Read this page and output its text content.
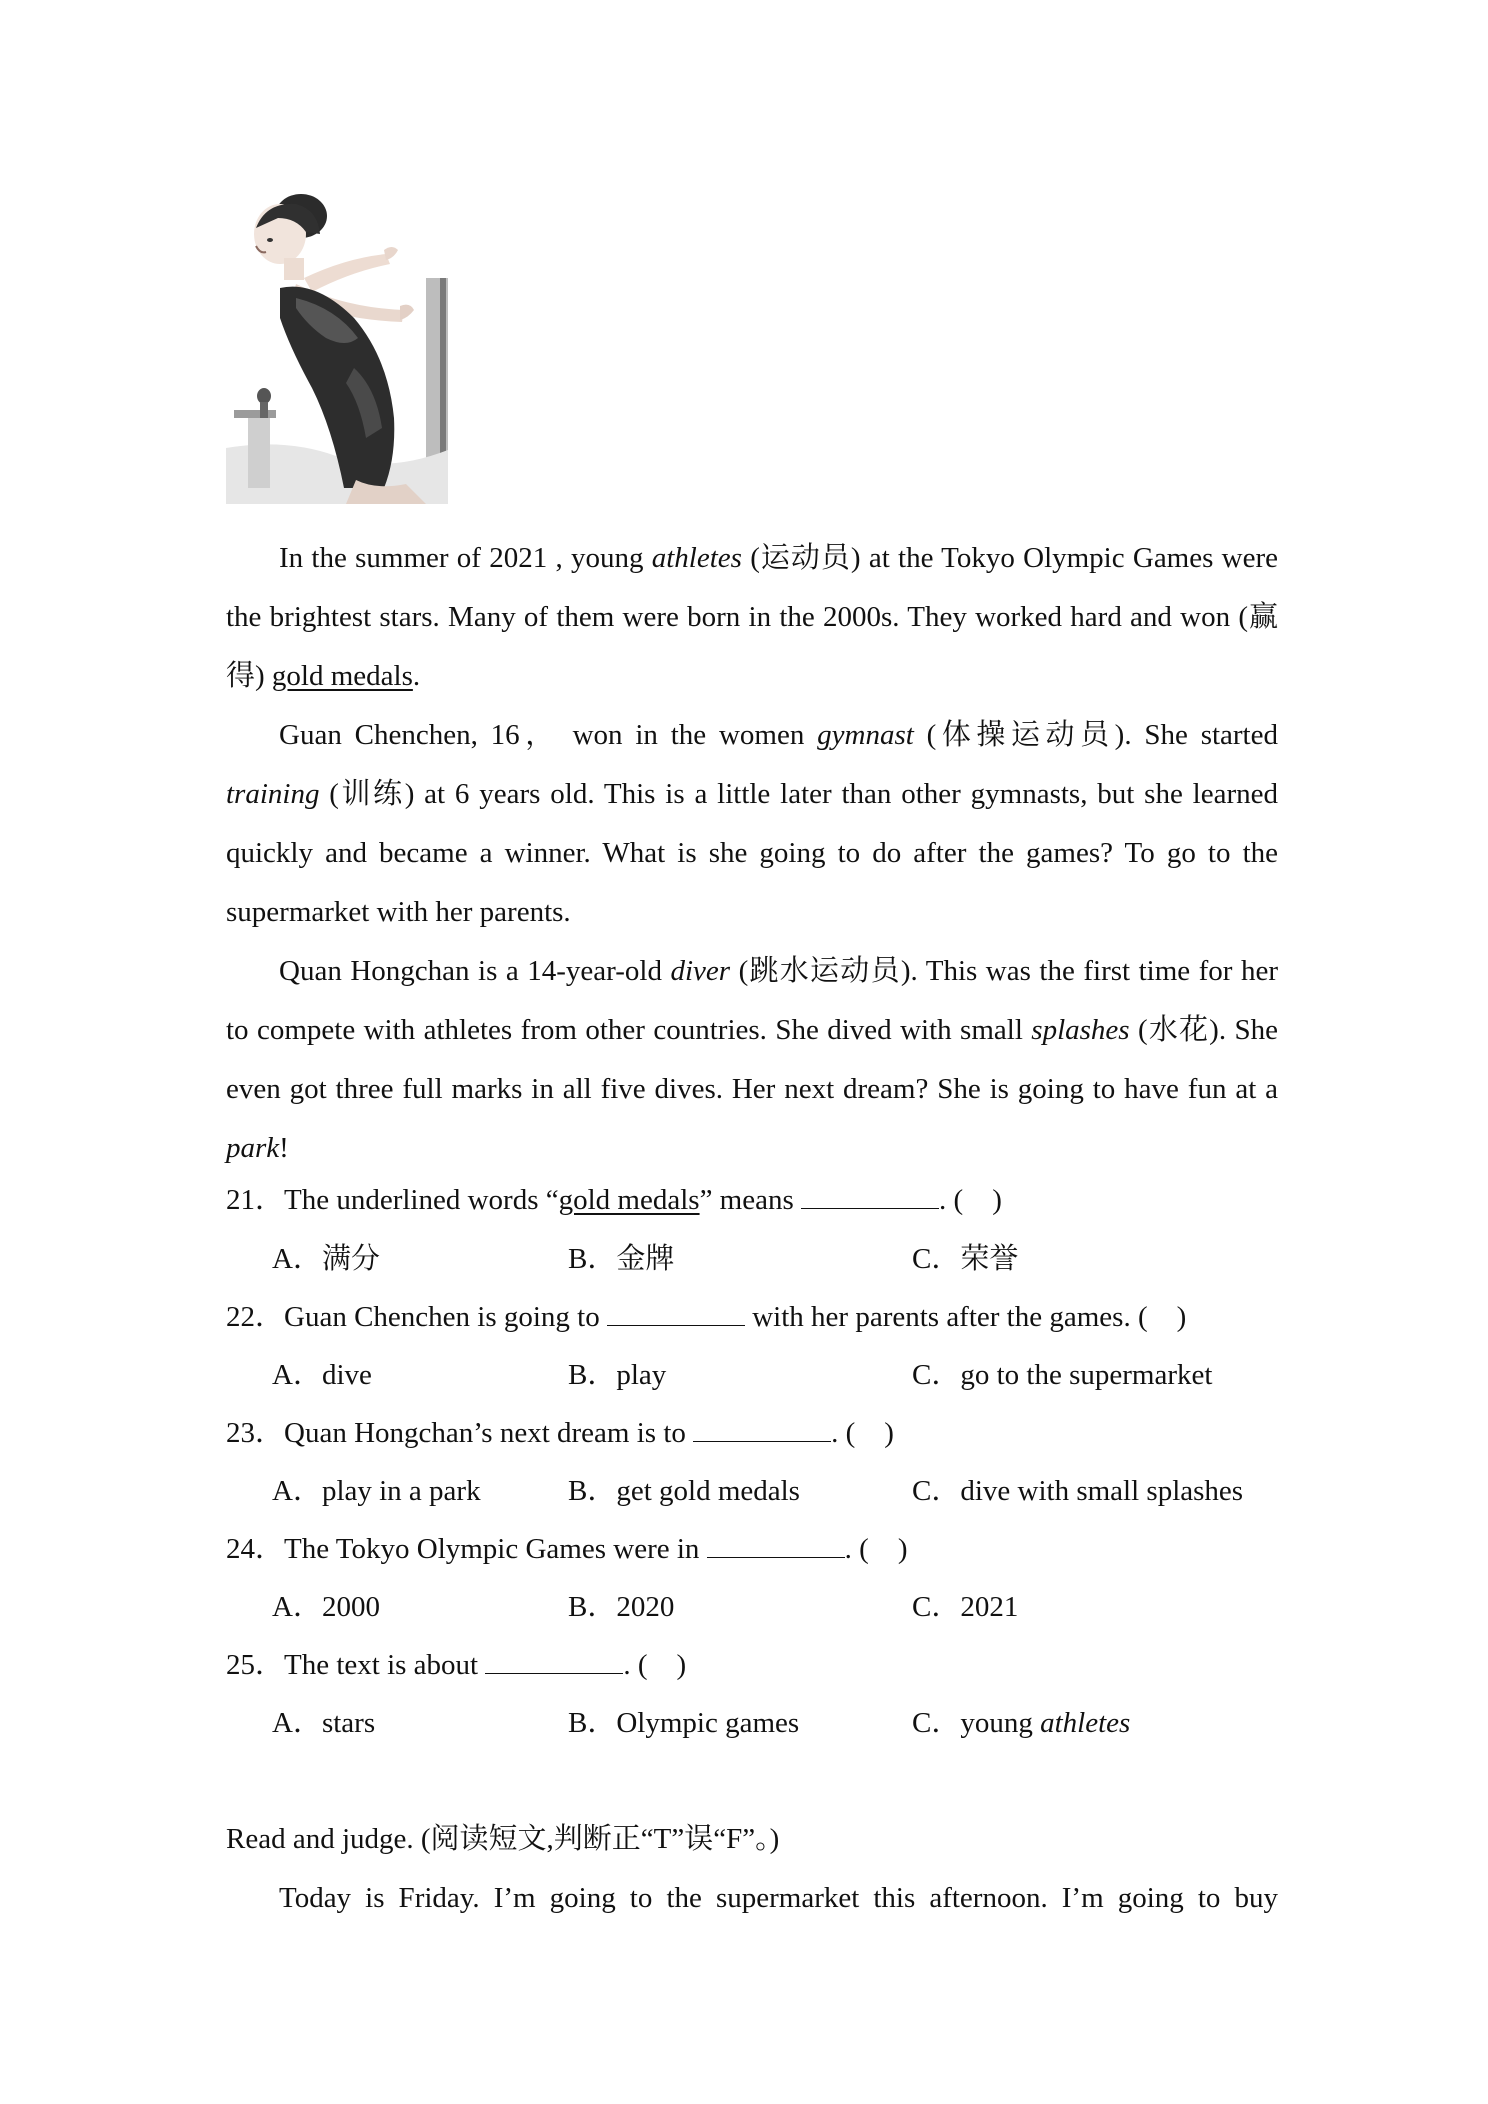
In the summer of 2021 , young athletes (运动员) at the Tokyo Olympic Games were the brightest stars. Many of them were born in the 2000s. They worked hard and won (赢得) gold medals.

Guan Chenchen, 16， won in the women gymnast (体操运动员). She started training (训练) at 6 years old. This is a little later than other gymnasts, but she learned quickly and became a winner. What is she going to do after the games? To go to the supermarket with her parents.

Quan Hongchan is a 14-year-old diver (跳水运动员). This was the first time for her to compete with athletes from other countries. She dived with small splashes (水花). She even got three full marks in all five dives. Her next dream? She is going to have fun at a park!

21．The underlined words “gold medals” means	. (　)
A．满分	B．金牌	C．荣誉
22．Guan Chenchen is going to	with her parents after the games. (　)
A．dive	B．play	C．go to the supermarket
23．Quan Hongchan’s next dream is to	. (　)
A．play in a park	B．get gold medals	C．dive with small splashes
24．The Tokyo Olympic Games were in	. (　)
A．2000	B．2020	C．2021
25．The text is about	. (　)
A．stars	B．Olympic games	C．young athletes
Read and judge. (阅读短文,判断正“T”误“F”。)

Today is Friday. I’m going to the supermarket this afternoon. I’m going to buy
